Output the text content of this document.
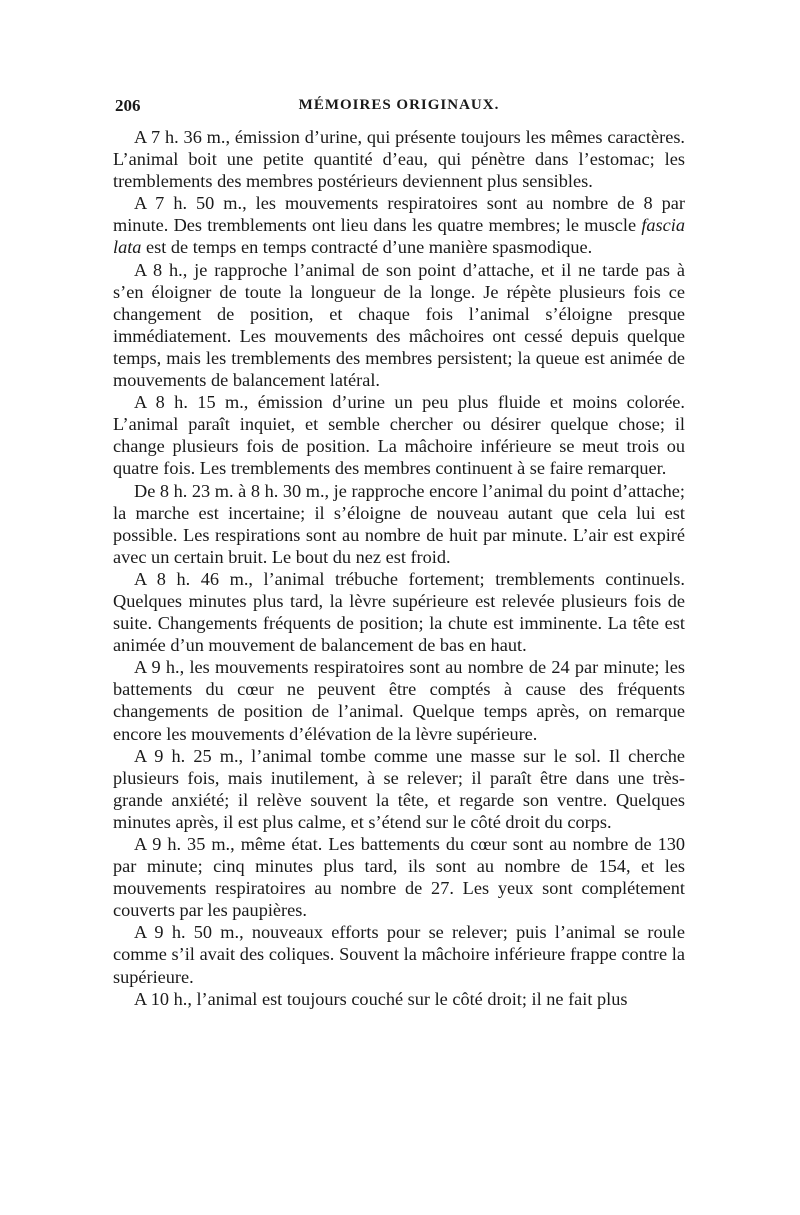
206	MÉMOIRES ORIGINAUX.

A 7 h. 36 m., émission d’urine, qui présente toujours les mêmes caractères. L’animal boit une petite quantité d’eau, qui pénètre dans l’estomac; les tremblements des membres postérieurs deviennent plus sensibles.

A 7 h. 50 m., les mouvements respiratoires sont au nombre de 8 par minute. Des tremblements ont lieu dans les quatre membres; le muscle fascia lata est de temps en temps contracté d’une manière spasmodique.

A 8 h., je rapproche l’animal de son point d’attache, et il ne tarde pas à s’en éloigner de toute la longueur de la longe. Je répète plusieurs fois ce changement de position, et chaque fois l’animal s’éloigne presque immédiatement. Les mouvements des mâchoires ont cessé depuis quelque temps, mais les tremblements des membres persistent; la queue est animée de mouvements de balancement latéral.

A 8 h. 15 m., émission d’urine un peu plus fluide et moins colorée. L’animal paraît inquiet, et semble chercher ou désirer quelque chose; il change plusieurs fois de position. La mâchoire inférieure se meut trois ou quatre fois. Les tremblements des membres continuent à se faire remarquer.

De 8 h. 23 m. à 8 h. 30 m., je rapproche encore l’animal du point d’attache; la marche est incertaine; il s’éloigne de nouveau autant que cela lui est possible. Les respirations sont au nombre de huit par minute. L’air est expiré avec un certain bruit. Le bout du nez est froid.

A 8 h. 46 m., l’animal trébuche fortement; tremblements continuels. Quelques minutes plus tard, la lèvre supérieure est relevée plusieurs fois de suite. Changements fréquents de position; la chute est imminente. La tête est animée d’un mouvement de balancement de bas en haut.

A 9 h., les mouvements respiratoires sont au nombre de 24 par minute; les battements du cœur ne peuvent être comptés à cause des fréquents changements de position de l’animal. Quelque temps après, on remarque encore les mouvements d’élévation de la lèvre supérieure.

A 9 h. 25 m., l’animal tombe comme une masse sur le sol. Il cherche plusieurs fois, mais inutilement, à se relever; il paraît être dans une très-grande anxiété; il relève souvent la tête, et regarde son ventre. Quelques minutes après, il est plus calme, et s’étend sur le côté droit du corps.

A 9 h. 35 m., même état. Les battements du cœur sont au nombre de 130 par minute; cinq minutes plus tard, ils sont au nombre de 154, et les mouvements respiratoires au nombre de 27. Les yeux sont complétement couverts par les paupières.

A 9 h. 50 m., nouveaux efforts pour se relever; puis l’animal se roule comme s’il avait des coliques. Souvent la mâchoire inférieure frappe contre la supérieure.

A 10 h., l’animal est toujours couché sur le côté droit; il ne fait plus
